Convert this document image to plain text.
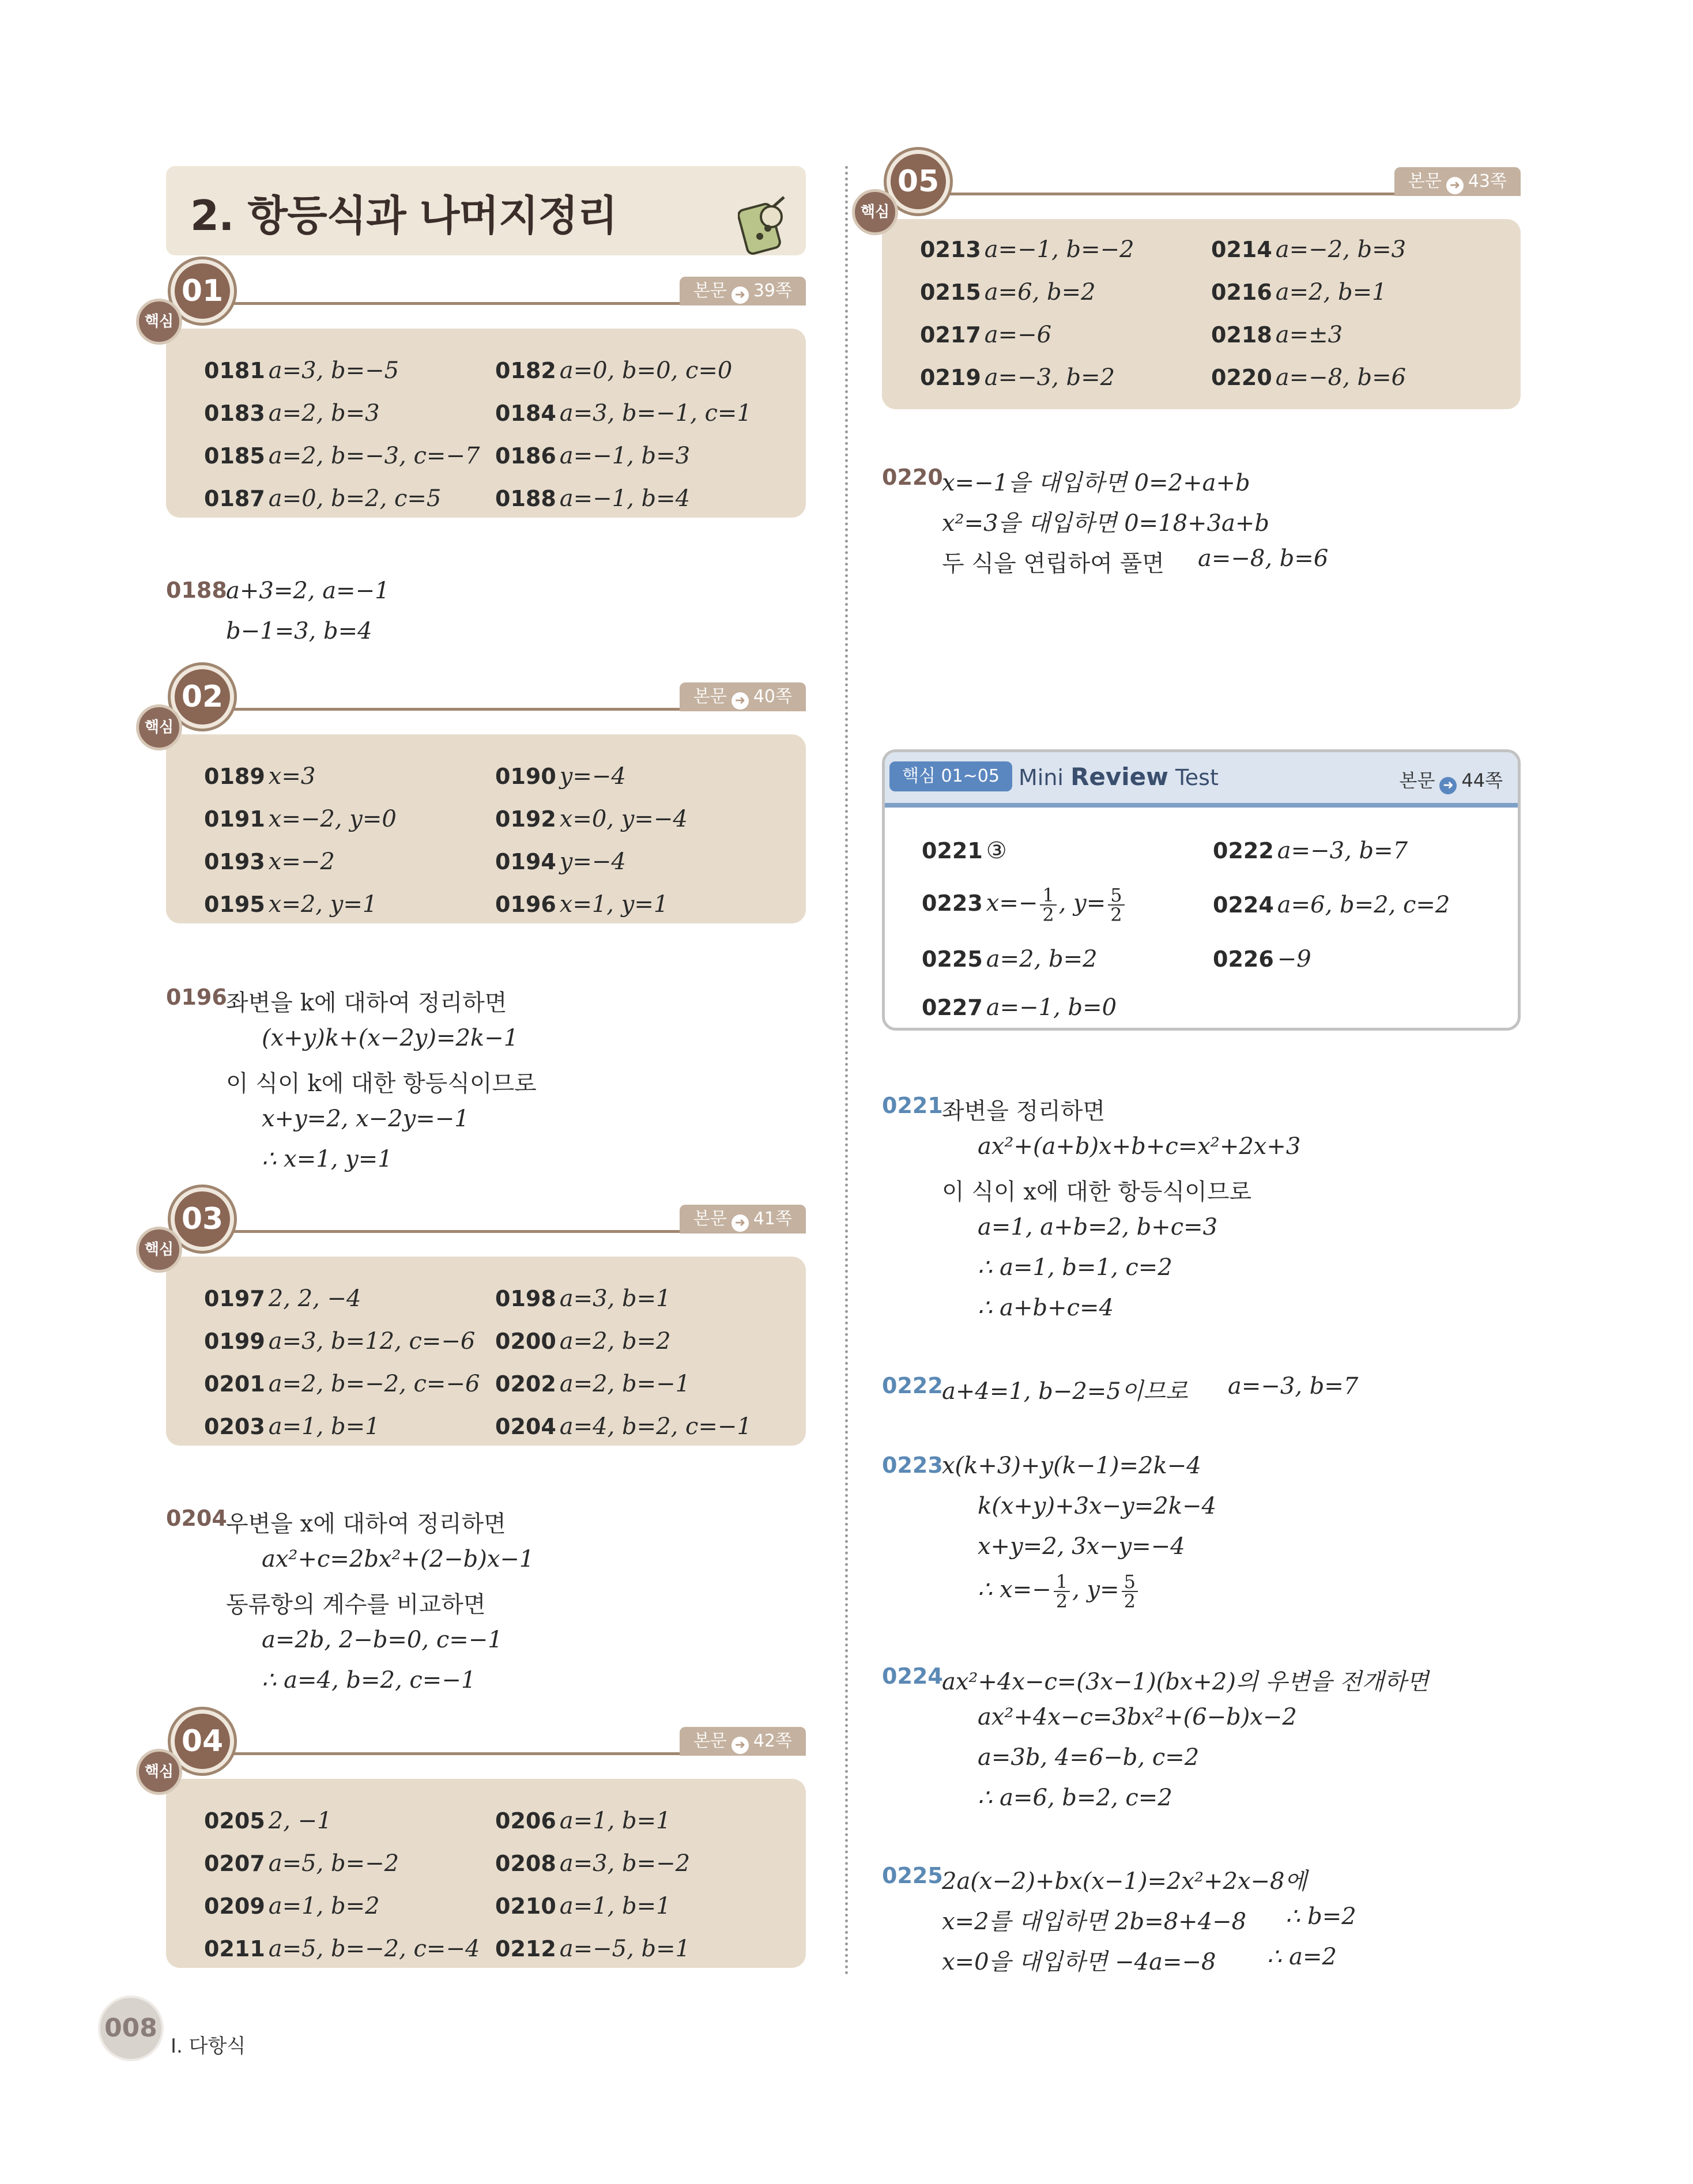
2. 항등식과 나머지정리
본문 ➜ 39쪽
01
핵심
0181 a=3, b=−5	0182 a=0, b=0, c=0
0183 a=2, b=3	0184 a=3, b=−1, c=1
0185 a=2, b=−3, c=−7 0186 a=−1, b=3
0187 a=0, b=2, c=5	0188 a=−1, b=4
0188
a+3=2, a=−1
b−1=3, b=4
본문 ➜ 40쪽
02
핵심
0189 x=3	0190 y=−4
0191 x=−2, y=0	0192 x=0, y=−4
0193 x=−2	0194 y=−4
0195 x=2, y=1	0196 x=1, y=1
0196
좌변을 k에 대하여 정리하면
(x+y)k+(x−2y)=2k−1
이 식이 k에 대한 항등식이므로
x+y=2, x−2y=−1
∴ x=1, y=1
본문 ➜ 41쪽
03
핵심
0197 2, 2, −4	0198 a=3, b=1
0199 a=3, b=12, c=−6 0200 a=2, b=2
0201 a=2, b=−2, c=−6 0202 a=2, b=−1
0203 a=1, b=1	0204 a=4, b=2, c=−1
0204
우변을 x에 대하여 정리하면
ax²+c=2bx²+(2−b)x−1
동류항의 계수를 비교하면
a=2b, 2−b=0, c=−1
∴ a=4, b=2, c=−1
본문 ➜ 42쪽
04
핵심
0205 2, −1	0206 a=1, b=1
0207 a=5, b=−2	0208 a=3, b=−2
0209 a=1, b=2	0210 a=1, b=1
0211 a=5, b=−2, c=−4 0212 a=−5, b=1
본문 ➜ 43쪽
05
핵심
0213 a=−1, b=−2	0214 a=−2, b=3
0215 a=6, b=2	0216 a=2, b=1
0217 a=−6	0218 a=±3
0219 a=−3, b=2	0220 a=−8, b=6
0220
x=−1을 대입하면 0=2+a+b
x²=3을 대입하면 0=18+3a+b
두 식을 연립하여 풀면 a=−8, b=6
핵심 01~05 Mini Review Test	본문 ➜ 44쪽
0221 ③	0222 a=−3, b=7
0223 $x=- \frac{1}{2}$ , $y= \frac{5}{2}$	0224 a=6, b=2, c=2
0225 a=2, b=2	0226 −9
0227 a=−1, b=0
0221
좌변을 정리하면
ax²+(a+b)x+b+c=x²+2x+3
이 식이 x에 대한 항등식이므로
a=1, a+b=2, b+c=3
∴ a=1, b=1, c=2
∴ a+b+c=4
0222
a+4=1, b−2=5이므로 a=−3, b=7
0223
x(k+3)+y(k−1)=2k−4
k(x+y)+3x−y=2k−4
x+y=2, 3x−y=−4
∴ $x=- \frac{1}{2}$ , $y= \frac{5}{2}$
0224
ax²+4x−c=(3x−1)(bx+2)의 우변을 전개하면
ax²+4x−c=3bx²+(6−b)x−2
a=3b, 4=6−b, c=2
∴ a=6, b=2, c=2
0225
2a(x−2)+bx(x−1)=2x²+2x−8에
x=2를 대입하면 2b=8+4−8 ∴ b=2
x=0을 대입하면 −4a=−8 ∴ a=2
008
I. 다항식
